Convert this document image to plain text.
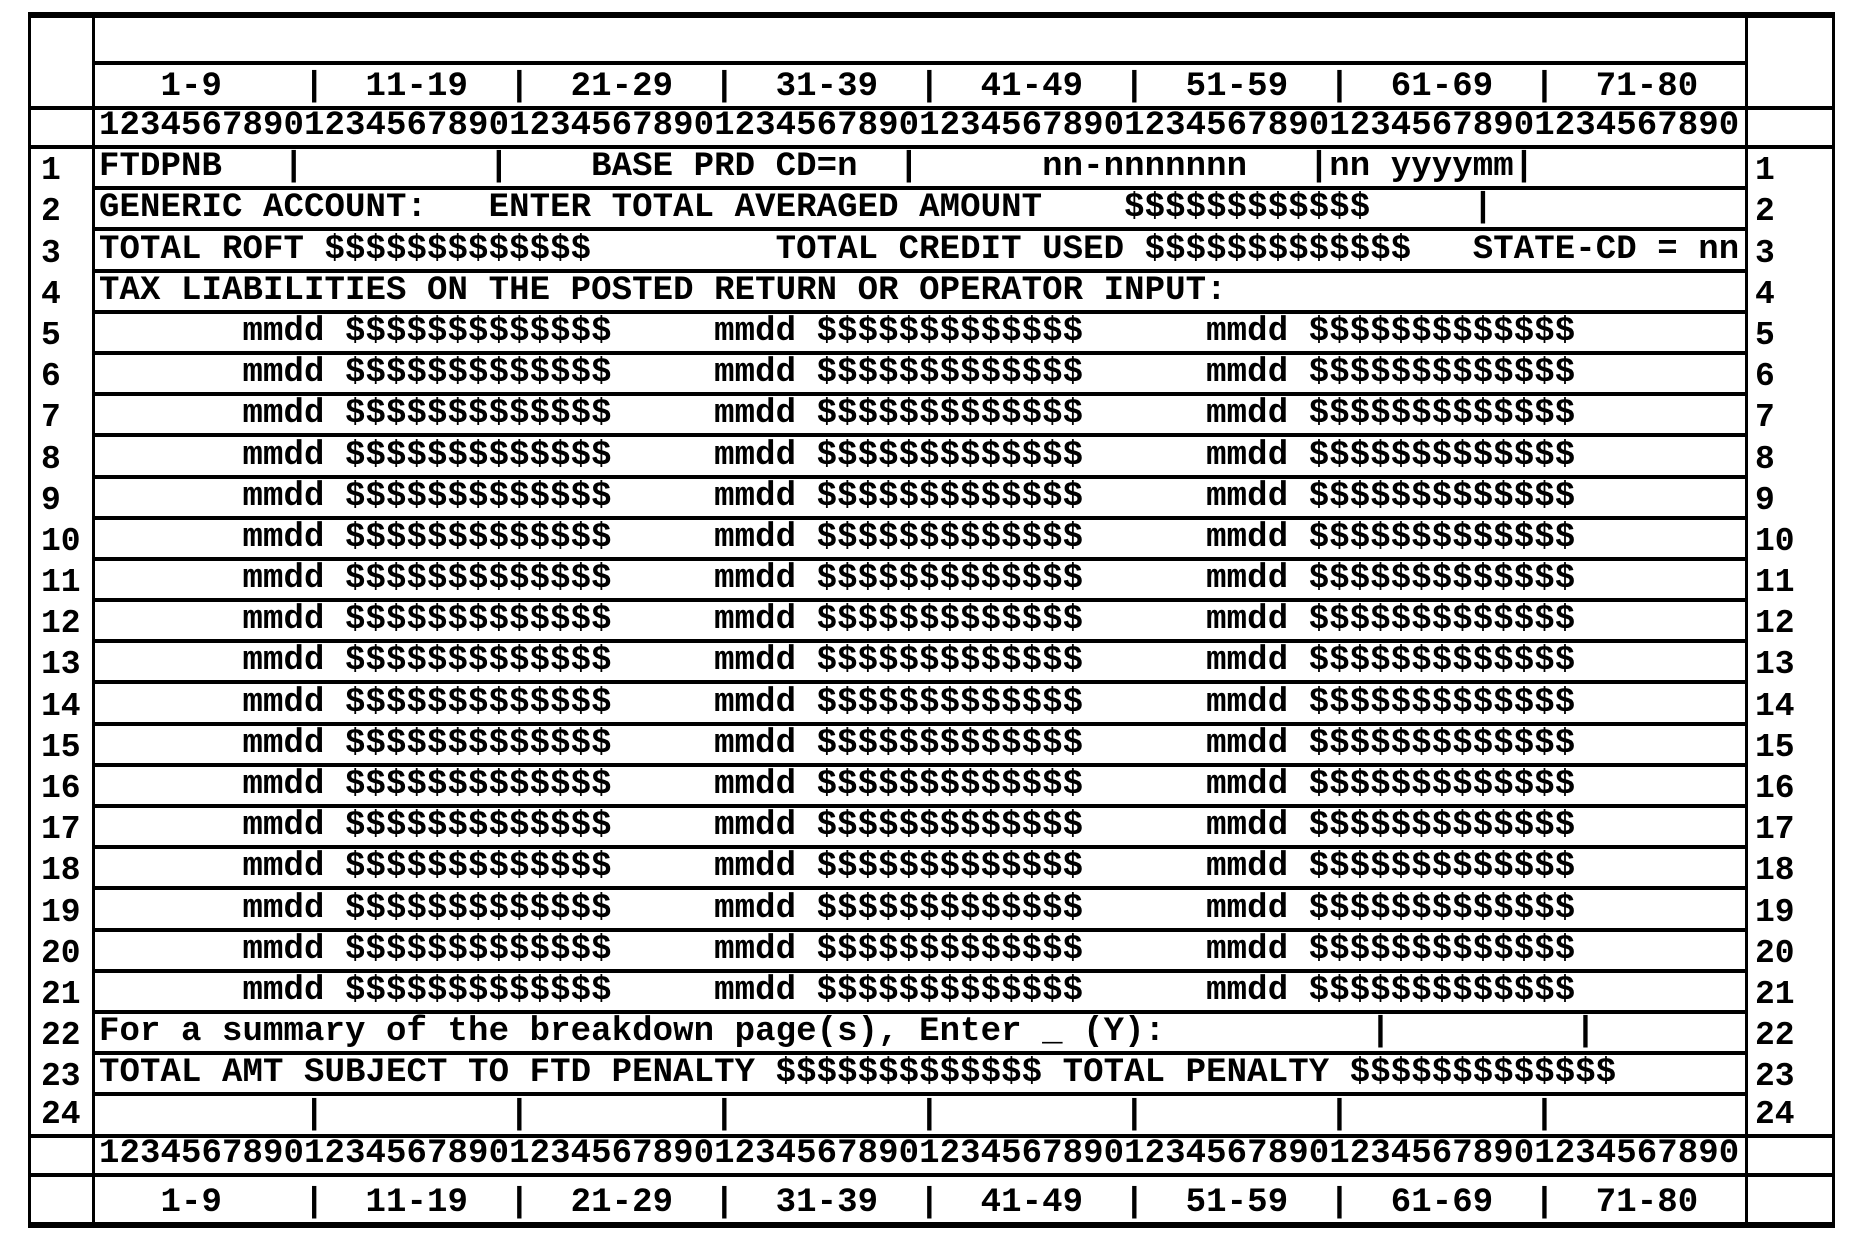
1-9    |  11-19  |  21-29  |  31-39  |  41-49  |  51-59  |  61-69  |  71-80
12345678901234567890123456789012345678901234567890123456789012345678901234567890
1	FTDPNB   |         |    BASE PRD CD=n  |      nn-nnnnnnn   |nn yyyymm| 1
2	GENERIC ACCOUNT:   ENTER TOTAL AVERAGED AMOUNT    $$$$$$$$$$$$     | 2
3	TOTAL ROFT $$$$$$$$$$$$$         TOTAL CREDIT USED $$$$$$$$$$$$$   STATE-CD = nn 3
4	TAX LIABILITIES ON THE POSTED RETURN OR OPERATOR INPUT: 4
5	mmdd $$$$$$$$$$$$$     mmdd $$$$$$$$$$$$$      mmdd $$$$$$$$$$$$$ 5
6	mmdd $$$$$$$$$$$$$     mmdd $$$$$$$$$$$$$      mmdd $$$$$$$$$$$$$ 6
7	mmdd $$$$$$$$$$$$$     mmdd $$$$$$$$$$$$$      mmdd $$$$$$$$$$$$$ 7
8	mmdd $$$$$$$$$$$$$     mmdd $$$$$$$$$$$$$      mmdd $$$$$$$$$$$$$ 8
9	mmdd $$$$$$$$$$$$$     mmdd $$$$$$$$$$$$$      mmdd $$$$$$$$$$$$$ 9
10 mmdd $$$$$$$$$$$$$     mmdd $$$$$$$$$$$$$      mmdd $$$$$$$$$$$$$ 10
11 mmdd $$$$$$$$$$$$$     mmdd $$$$$$$$$$$$$      mmdd $$$$$$$$$$$$$ 11
12 mmdd $$$$$$$$$$$$$     mmdd $$$$$$$$$$$$$      mmdd $$$$$$$$$$$$$ 12
13 mmdd $$$$$$$$$$$$$     mmdd $$$$$$$$$$$$$      mmdd $$$$$$$$$$$$$ 13
14 mmdd $$$$$$$$$$$$$     mmdd $$$$$$$$$$$$$      mmdd $$$$$$$$$$$$$ 14
15 mmdd $$$$$$$$$$$$$     mmdd $$$$$$$$$$$$$      mmdd $$$$$$$$$$$$$ 15
16 mmdd $$$$$$$$$$$$$     mmdd $$$$$$$$$$$$$      mmdd $$$$$$$$$$$$$ 16
17 mmdd $$$$$$$$$$$$$     mmdd $$$$$$$$$$$$$      mmdd $$$$$$$$$$$$$ 17
18 mmdd $$$$$$$$$$$$$     mmdd $$$$$$$$$$$$$      mmdd $$$$$$$$$$$$$ 18
19 mmdd $$$$$$$$$$$$$     mmdd $$$$$$$$$$$$$      mmdd $$$$$$$$$$$$$ 19
20 mmdd $$$$$$$$$$$$$     mmdd $$$$$$$$$$$$$      mmdd $$$$$$$$$$$$$ 20
21 mmdd $$$$$$$$$$$$$     mmdd $$$$$$$$$$$$$      mmdd $$$$$$$$$$$$$ 21
22 For a summary of the breakdown page(s), Enter _ (Y):          |         | 22
23 TOTAL AMT SUBJECT TO FTD PENALTY $$$$$$$$$$$$$ TOTAL PENALTY $$$$$$$$$$$$$ 23
24 |         |         |         |         |         |         | 24
12345678901234567890123456789012345678901234567890123456789012345678901234567890
1-9    |  11-19  |  21-29  |  31-39  |  41-49  |  51-59  |  61-69  |  71-80
